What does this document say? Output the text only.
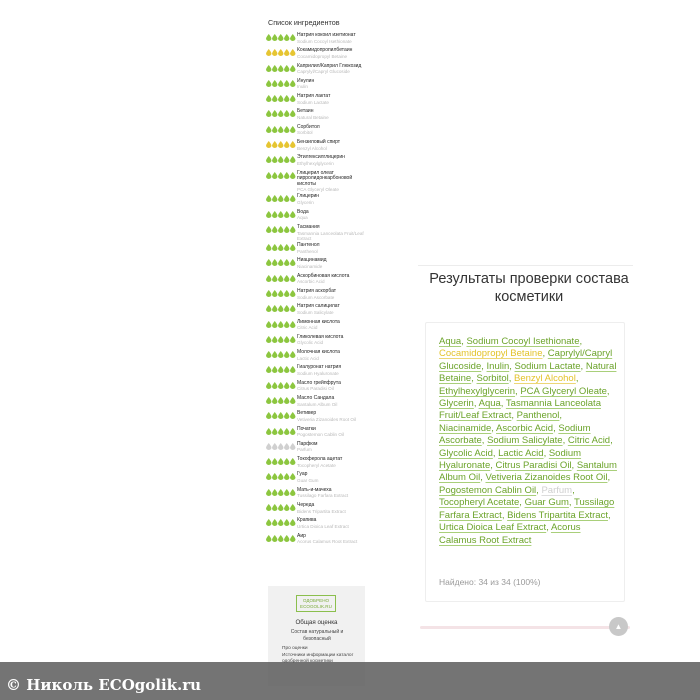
Список ингредиентов
Натрия кокоил изетионат
Sodium Cocoyl Isethionate
Кокамидопропилбетаин
Cocamidopropyl Betaine
Каприлил/Каприл Глюкозид
Caprylyl/Capryl Glucoside
Инулин
Inulin
Натрия лактат
Sodium Lactate
Бетаин
Natural Betaine
Сорбитол
Sorbitol
Бензиловый спирт
Benzyl Alcohol
Этилгексилглицерин
Ethylhexylglycerin
Глицерил олеат пирролидонкарбоновой кислоты
PCA Glyceryl Oleate
Глицерин
Glycerin
Вода
Aqua
Тасмания
Tasmannia Lanceolata Fruit/Leaf Extract
Пантенол
Panthenol
Ниацинамид
Niacinamide
Аскорбиновая кислота
Ascorbic Acid
Натрия аскорбат
Sodium Ascorbate
Натрия салицилат
Sodium Salicylate
Лимонная кислота
Citric Acid
Гликолевая кислота
Glycolic Acid
Молочная кислота
Lactic Acid
Гиалуронат натрия
Sodium Hyaluronate
Масло грейпфрута
Citrus Paradisi Oil
Масло Сандала
Santalum Album Oil
Ветивер
Vetiveria Zizanoides Root Oil
Початки
Pogostemon Cablin Oil
Парфюм
Parfum
Токоферола ацетат
Tocopheryl Acetate
Гуар
Guar Gum
Мать-и-мачеха
Tussilago Farfara Extract
Череда
Bidens Tripartita Extract
Крапива
Urtica Dioica Leaf Extract
Аир
Acorus Calamus Root Extract
ОДОБРЕНО
ECOGOLIK.RU
Общая оценка
Состав натуральный и безопасный
Про оценки
Источники информации каталог
Результаты проверки состава косметики
Aqua, Sodium Cocoyl Isethionate, Cocamidopropyl Betaine, Caprylyl/Capryl Glucoside, Inulin, Sodium Lactate, Natural Betaine, Sorbitol, Benzyl Alcohol, Ethylhexylglycerin, PCA Glyceryl Oleate, Glycerin, Aqua, Tasmannia Lanceolata Fruit/Leaf Extract, Panthenol, Niacinamide, Ascorbic Acid, Sodium Ascorbate, Sodium Salicylate, Citric Acid, Glycolic Acid, Lactic Acid, Sodium Hyaluronate, Citrus Paradisi Oil, Santalum Album Oil, Vetiveria Zizanoides Root Oil, Pogostemon Cablin Oil, Parfum, Tocopheryl Acetate, Guar Gum, Tussilago Farfara Extract, Bidens Tripartita Extract, Urtica Dioica Leaf Extract, Acorus Calamus Root Extract
Найдено: 34 из 34 (100%)
▲
© Николь ECOgolik.ru
